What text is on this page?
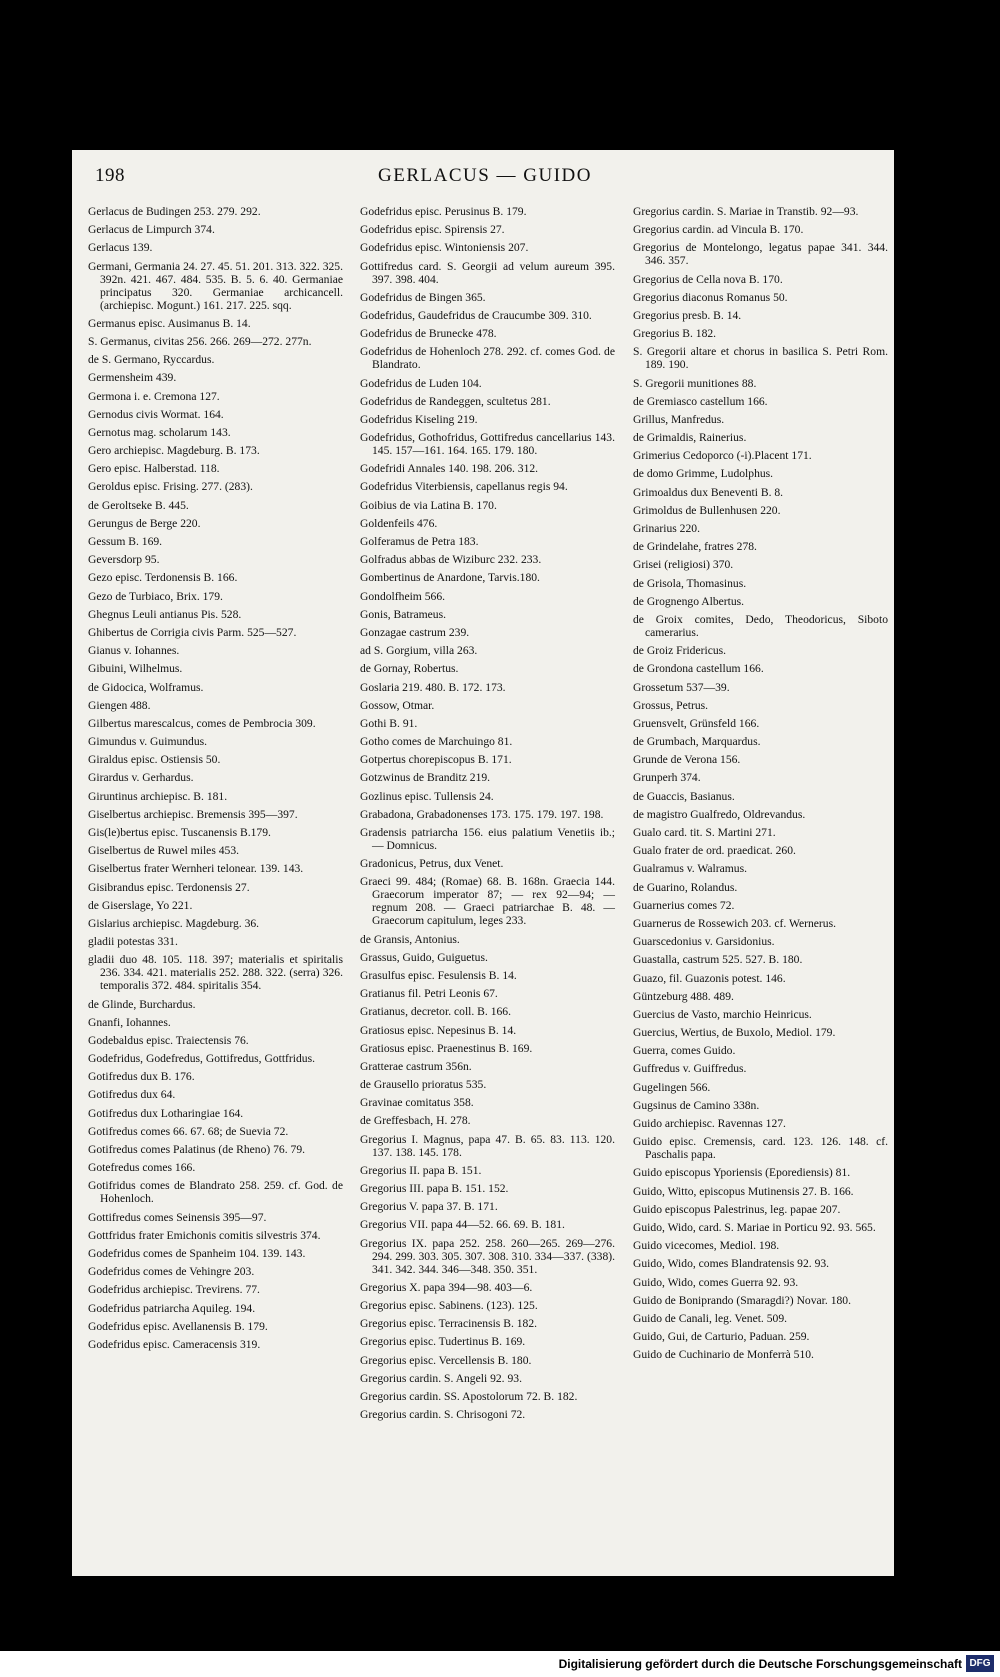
198	GERLACUS — GUIDO
Gerlacus de Budingen 253. 279. 292.
Gerlacus de Limpurch 374.
Gerlacus 139.
Germani, Germania 24. 27. 45. 51. 201. 313. 322. 325. 392n. 421. 467. 484. 535. B. 5. 6. 40. Germaniae principatus 320. Germaniae archicancell. (archiepisc. Mogunt.) 161. 217. 225. sqq.
Germanus episc. Ausimanus B. 14.
S. Germanus, civitas 256. 266. 269—272. 277n.
de S. Germano, Ryccardus.
Germensheim 439.
Germona i. e. Cremona 127.
Gernodus civis Wormat. 164.
Gernotus mag. scholarum 143.
Gero archiepisc. Magdeburg. B. 173.
Gero episc. Halberstad. 118.
Geroldus episc. Frising. 277. (283).
de Geroltseke B. 445.
Gerungus de Berge 220.
Gessum B. 169.
Geversdorp 95.
Gezo episc. Terdonensis B. 166.
Gezo de Turbiaco, Brix. 179.
Ghegnus Leuli antianus Pis. 528.
Ghibertus de Corrigia civis Parm. 525—527.
Gianus v. Iohannes.
Gibuini, Wilhelmus.
de Gidocica, Wolframus.
Giengen 488.
Gilbertus marescalcus, comes de Pembrocia 309.
Gimundus v. Guimundus.
Giraldus episc. Ostiensis 50.
Girardus v. Gerhardus.
Giruntinus archiepisc. B. 181.
Giselbertus archiepisc. Bremensis 395—397.
Gis(le)bertus episc. Tuscanensis B.179.
Giselbertus de Ruwel miles 453.
Giselbertus frater Wernheri telonear. 139. 143.
Gisibrandus episc. Terdonensis 27.
de Giserslage, Yo 221.
Gislarius archiepisc. Magdeburg. 36.
gladii potestas 331.
gladii duo 48. 105. 118. 397; materialis et spiritalis 236. 334. 421. materialis 252. 288. 322. (serra) 326. temporalis 372. 484. spiritalis 354.
de Glinde, Burchardus.
Gnanfi, Iohannes.
Godebaldus episc. Traiectensis 76.
Godefridus, Godefredus, Gottifredus, Gottfridus.
Gotifredus dux B. 176.
Gotifredus dux 64.
Gotifredus dux Lotharingiae 164.
Gotifredus comes 66. 67. 68; de Suevia 72.
Gotifredus comes Palatinus (de Rheno) 76. 79.
Gotefredus comes 166.
Gotifridus comes de Blandrato 258. 259. cf. God. de Hohenloch.
Gottifredus comes Seinensis 395—97.
Gottfridus frater Emichonis comitis silvestris 374.
Godefridus comes de Spanheim 104. 139. 143.
Godefridus comes de Vehingre 203.
Godefridus archiepisc. Trevirens. 77.
Godefridus patriarcha Aquileg. 194.
Godefridus episc. Avellanensis B. 179.
Godefridus episc. Cameracensis 319.
Godefridus episc. Perusinus B. 179.
Godefridus episc. Spirensis 27.
Godefridus episc. Wintoniensis 207.
Gottifredus card. S. Georgii ad velum aureum 395. 397. 398. 404.
Godefridus de Bingen 365.
Godefridus, Gaudefridus de Craucumbe 309. 310.
Godefridus de Brunecke 478.
Godefridus de Hohenloch 278. 292. cf. comes God. de Blandrato.
Godefridus de Luden 104.
Godefridus de Randeggen, scultetus 281.
Godefridus Kiseling 219.
Godefridus, Gothofridus, Gottifredus cancellarius 143. 145. 157—161. 164. 165. 179. 180.
Godefridi Annales 140. 198. 206. 312.
Godefridus Viterbiensis, capellanus regis 94.
Goibius de via Latina B. 170.
Goldenfeils 476.
Golferamus de Petra 183.
Golfradus abbas de Wiziburc 232. 233.
Gombertinus de Anardone, Tarvis.180.
Gondolfheim 566.
Gonis, Batrameus.
Gonzagae castrum 239.
ad S. Gorgium, villa 263.
de Gornay, Robertus.
Goslaria 219. 480. B. 172. 173.
Gossow, Otmar.
Gothi B. 91.
Gotho comes de Marchuingo 81.
Gotpertus chorepiscopus B. 171.
Gotzwinus de Branditz 219.
Gozlinus episc. Tullensis 24.
Grabadona, Grabadonenses 173. 175. 179. 197. 198.
Gradensis patriarcha 156. eius palatium Venetiis ib.; — Domnicus.
Gradonicus, Petrus, dux Venet.
Graeci 99. 484; (Romae) 68. B. 168n. Graecia 144. Graecorum imperator 87; — rex 92—94; — regnum 208. — Graeci patriarchae B. 48. — Graecorum capitulum, leges 233.
de Gransis, Antonius.
Grassus, Guido, Guiguetus.
Grasulfus episc. Fesulensis B. 14.
Gratianus fil. Petri Leonis 67.
Gratianus, decretor. coll. B. 166.
Gratiosus episc. Nepesinus B. 14.
Gratiosus episc. Praenestinus B. 169.
Gratterae castrum 356n.
de Grausello prioratus 535.
Gravinae comitatus 358.
de Greffesbach, H. 278.
Gregorius I. Magnus, papa 47. B. 65. 83. 113. 120. 137. 138. 145. 178.
Gregorius II. papa B. 151.
Gregorius III. papa B. 151. 152.
Gregorius V. papa 37. B. 171.
Gregorius VII. papa 44—52. 66. 69. B. 181.
Gregorius IX. papa 252. 258. 260—265. 269—276. 294. 299. 303. 305. 307. 308. 310. 334—337. (338). 341. 342. 344. 346—348. 350. 351.
Gregorius X. papa 394—98. 403—6.
Gregorius episc. Sabinens. (123). 125.
Gregorius episc. Terracinensis B. 182.
Gregorius episc. Tudertinus B. 169.
Gregorius episc. Vercellensis B. 180.
Gregorius cardin. S. Angeli 92. 93.
Gregorius cardin. SS. Apostolorum 72. B. 182.
Gregorius cardin. S. Chrisogoni 72.
Gregorius cardin. S. Mariae in Transtib. 92—93.
Gregorius cardin. ad Vincula B. 170.
Gregorius de Montelongo, legatus papae 341. 344. 346. 357.
Gregorius de Cella nova B. 170.
Gregorius diaconus Romanus 50.
Gregorius presb. B. 14.
Gregorius B. 182.
S. Gregorii altare et chorus in basilica S. Petri Rom. 189. 190.
S. Gregorii munitiones 88.
de Gremiasco castellum 166.
Grillus, Manfredus.
de Grimaldis, Rainerius.
Grimerius Cedoporco (-i).Placent 171.
de domo Grimme, Ludolphus.
Grimoaldus dux Beneventi B. 8.
Grimoldus de Bullenhusen 220.
Grinarius 220.
de Grindelahe, fratres 278.
Grisei (religiosi) 370.
de Grisola, Thomasinus.
de Grognengo Albertus.
de Groix comites, Dedo, Theodoricus, Siboto camerarius.
de Groiz Fridericus.
de Grondona castellum 166.
Grossetum 537—39.
Grossus, Petrus.
Gruensvelt, Grünsfeld 166.
de Grumbach, Marquardus.
Grunde de Verona 156.
Grunperh 374.
de Guaccis, Basianus.
de magistro Gualfredo, Oldrevandus.
Gualo card. tit. S. Martini 271.
Gualo frater de ord. praedicat. 260.
Gualramus v. Walramus.
de Guarino, Rolandus.
Guarnerius comes 72.
Guarnerus de Rossewich 203. cf. Wernerus.
Guarscedonius v. Garsidonius.
Guastalla, castrum 525. 527. B. 180.
Guazo, fil. Guazonis potest. 146.
Güntzeburg 488. 489.
Guercius de Vasto, marchio Heinricus.
Guercius, Wertius, de Buxolo, Mediol. 179.
Guerra, comes Guido.
Guffredus v. Guiffredus.
Gugelingen 566.
Gugsinus de Camino 338n.
Guido archiepisc. Ravennas 127.
Guido episc. Cremensis, card. 123. 126. 148. cf. Paschalis papa.
Guido episcopus Yporiensis (Eporediensis) 81.
Guido, Witto, episcopus Mutinensis 27. B. 166.
Guido episcopus Palestrinus, leg. papae 207.
Guido, Wido, card. S. Mariae in Porticu 92. 93. 565.
Guido vicecomes, Mediol. 198.
Guido, Wido, comes Blandratensis 92. 93.
Guido, Wido, comes Guerra 92. 93.
Guido de Boniprando (Smaragdi?) Novar. 180.
Guido de Canali, leg. Venet. 509.
Guido, Gui, de Carturio, Paduan. 259.
Guido de Cuchinario de Monferrà 510.
Digitalisierung gefördert durch die Deutsche Forschungsgemeinschaft DFG
